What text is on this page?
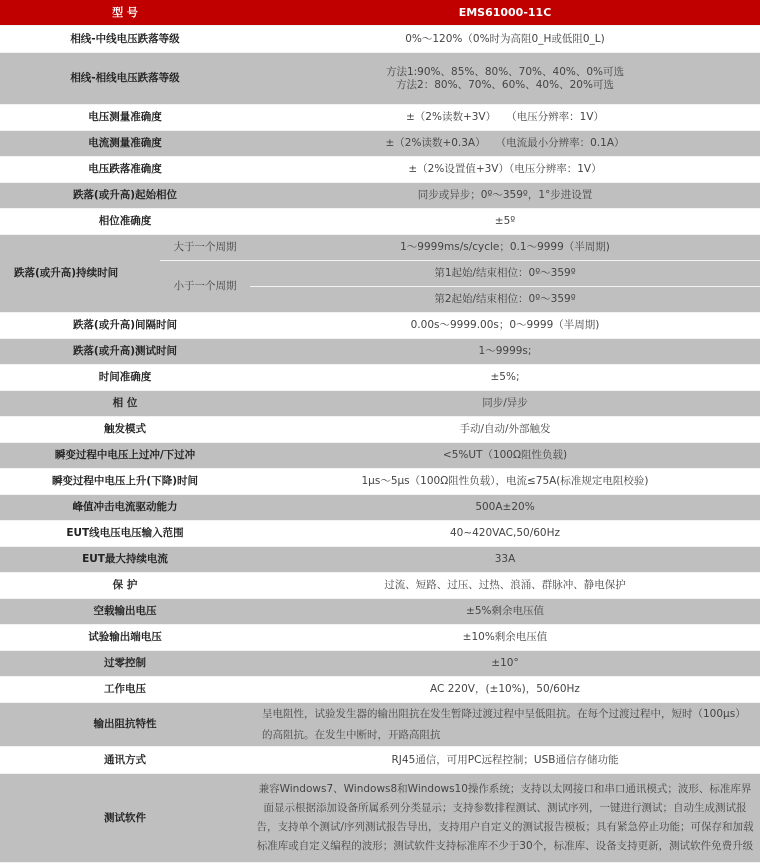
型 号		EMS61000-11C
相线-中线电压跌落等级		0%～120%（0%时为高阻0_H或低阻0_L)
相线-相线电压跌落等级		方法1:90%、85%、80%、70%、40%、0%可选
方法2：80%、70%、60%、40%、20%可选

电压测量准确度		±（2%读数+3V）   （电压分辨率：1V）
电流测量准确度		±（2%读数+0.3A）   （电流最小分辨率：0.1A）
电压跌落准确度		±（2%设置值+3V）（电压分辨率：1V）
跌落(或升高)起始相位		同步或异步；0º～359º，1°步进设置
相位准确度		±5º
跌落(或升高)持续时间	大于一个周期	1～9999ms/s/cycle；0.1～9999（半周期)
	小于一个周期	第1起始/结束相位：0º～359º
		第2起始/结束相位：0º～359º
跌落(或升高)间隔时间		0.00s～9999.00s；0～9999（半周期)
跌落(或升高)测试时间		1～9999s;
时间准确度		±5%;
相 位		同步/异步
触发模式		手动/自动/外部触发
瞬变过程中电压上过冲/下过冲		<5%UT（100Ω阻性负载)
瞬变过程中电压上升(下降)时间		1μs～5μs（100Ω阻性负载），电流≤75A(标准规定电阻校验)
峰值冲击电流驱动能力		500A±20%
EUT线电压电压输入范围		40~420VAC,50/60Hz
EUT最大持续电流		33A
保 护		过流、短路、过压、过热、浪涌、群脉冲、静电保护
空载输出电压		±5%剩余电压值
试验输出端电压		±10%剩余电压值
过零控制		±10°
工作电压		AC 220V，(±10%)，50/60Hz
输出阻抗特性		呈电阻性，试验发生器的输出阻抗在发生暂降过渡过程中呈低阻抗。在每个过渡过程中，短时（100μs）的高阻抗。在发生中断时，开路高阻抗
通讯方式		RJ45通信，可用PC远程控制；USB通信存储功能
测试软件		兼容Windows7、Windows8和Windows10操作系统；支持以太网接口和串口通讯模式；波形、标准库界面显示根据添加设备所属系列分类显示；支持参数排程测试、测试序列，一键进行测试；自动生成测试报告，支持单个测试/序列测试报告导出，支持用户自定义的测试报告模板；具有紧急停止功能；可保存和加载标准库或自定义编程的波形；测试软件支持标准库不少于30个，标准库、设备支持更新，测试软件免费升级
